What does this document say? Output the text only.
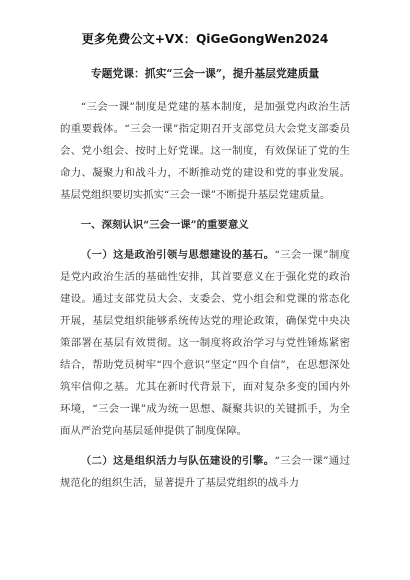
更多免费公文+VX：QiGeGongWen2024
专题党课：抓实“三会一课”，提升基层党建质量

“三会一课”制度是党建的基本制度，是加强党内政治生活的重要载体。“三会一课”指定期召开支部党员大会党支部委员会、党小组会、按时上好党课。这一制度，有效保证了党的生命力、凝聚力和战斗力，不断推动党的建设和党的事业发展。基层党组织要切实抓实“三会一课”不断提升基层党建质量。

一、深刻认识“三会一课”的重要意义

（一）这是政治引领与思想建设的基石。“三会一课”制度是党内政治生活的基础性安排，其首要意义在于强化党的政治建设。通过支部党员大会、支委会、党小组会和党课的常态化开展，基层党组织能够系统传达党的理论政策，确保党中央决策部署在基层有效贯彻。这一制度将政治学习与党性锤炼紧密结合，帮助党员树牢“四个意识”坚定“四个自信”，在思想深处筑牢信仰之基。尤其在新时代背景下，面对复杂多变的国内外环境，“三会一课”成为统一思想、凝聚共识的关键抓手，为全面从严治党向基层延伸提供了制度保障。

（二）这是组织活力与队伍建设的引擎。“三会一课”通过规范化的组织生活，显著提升了基层党组织的战斗力
